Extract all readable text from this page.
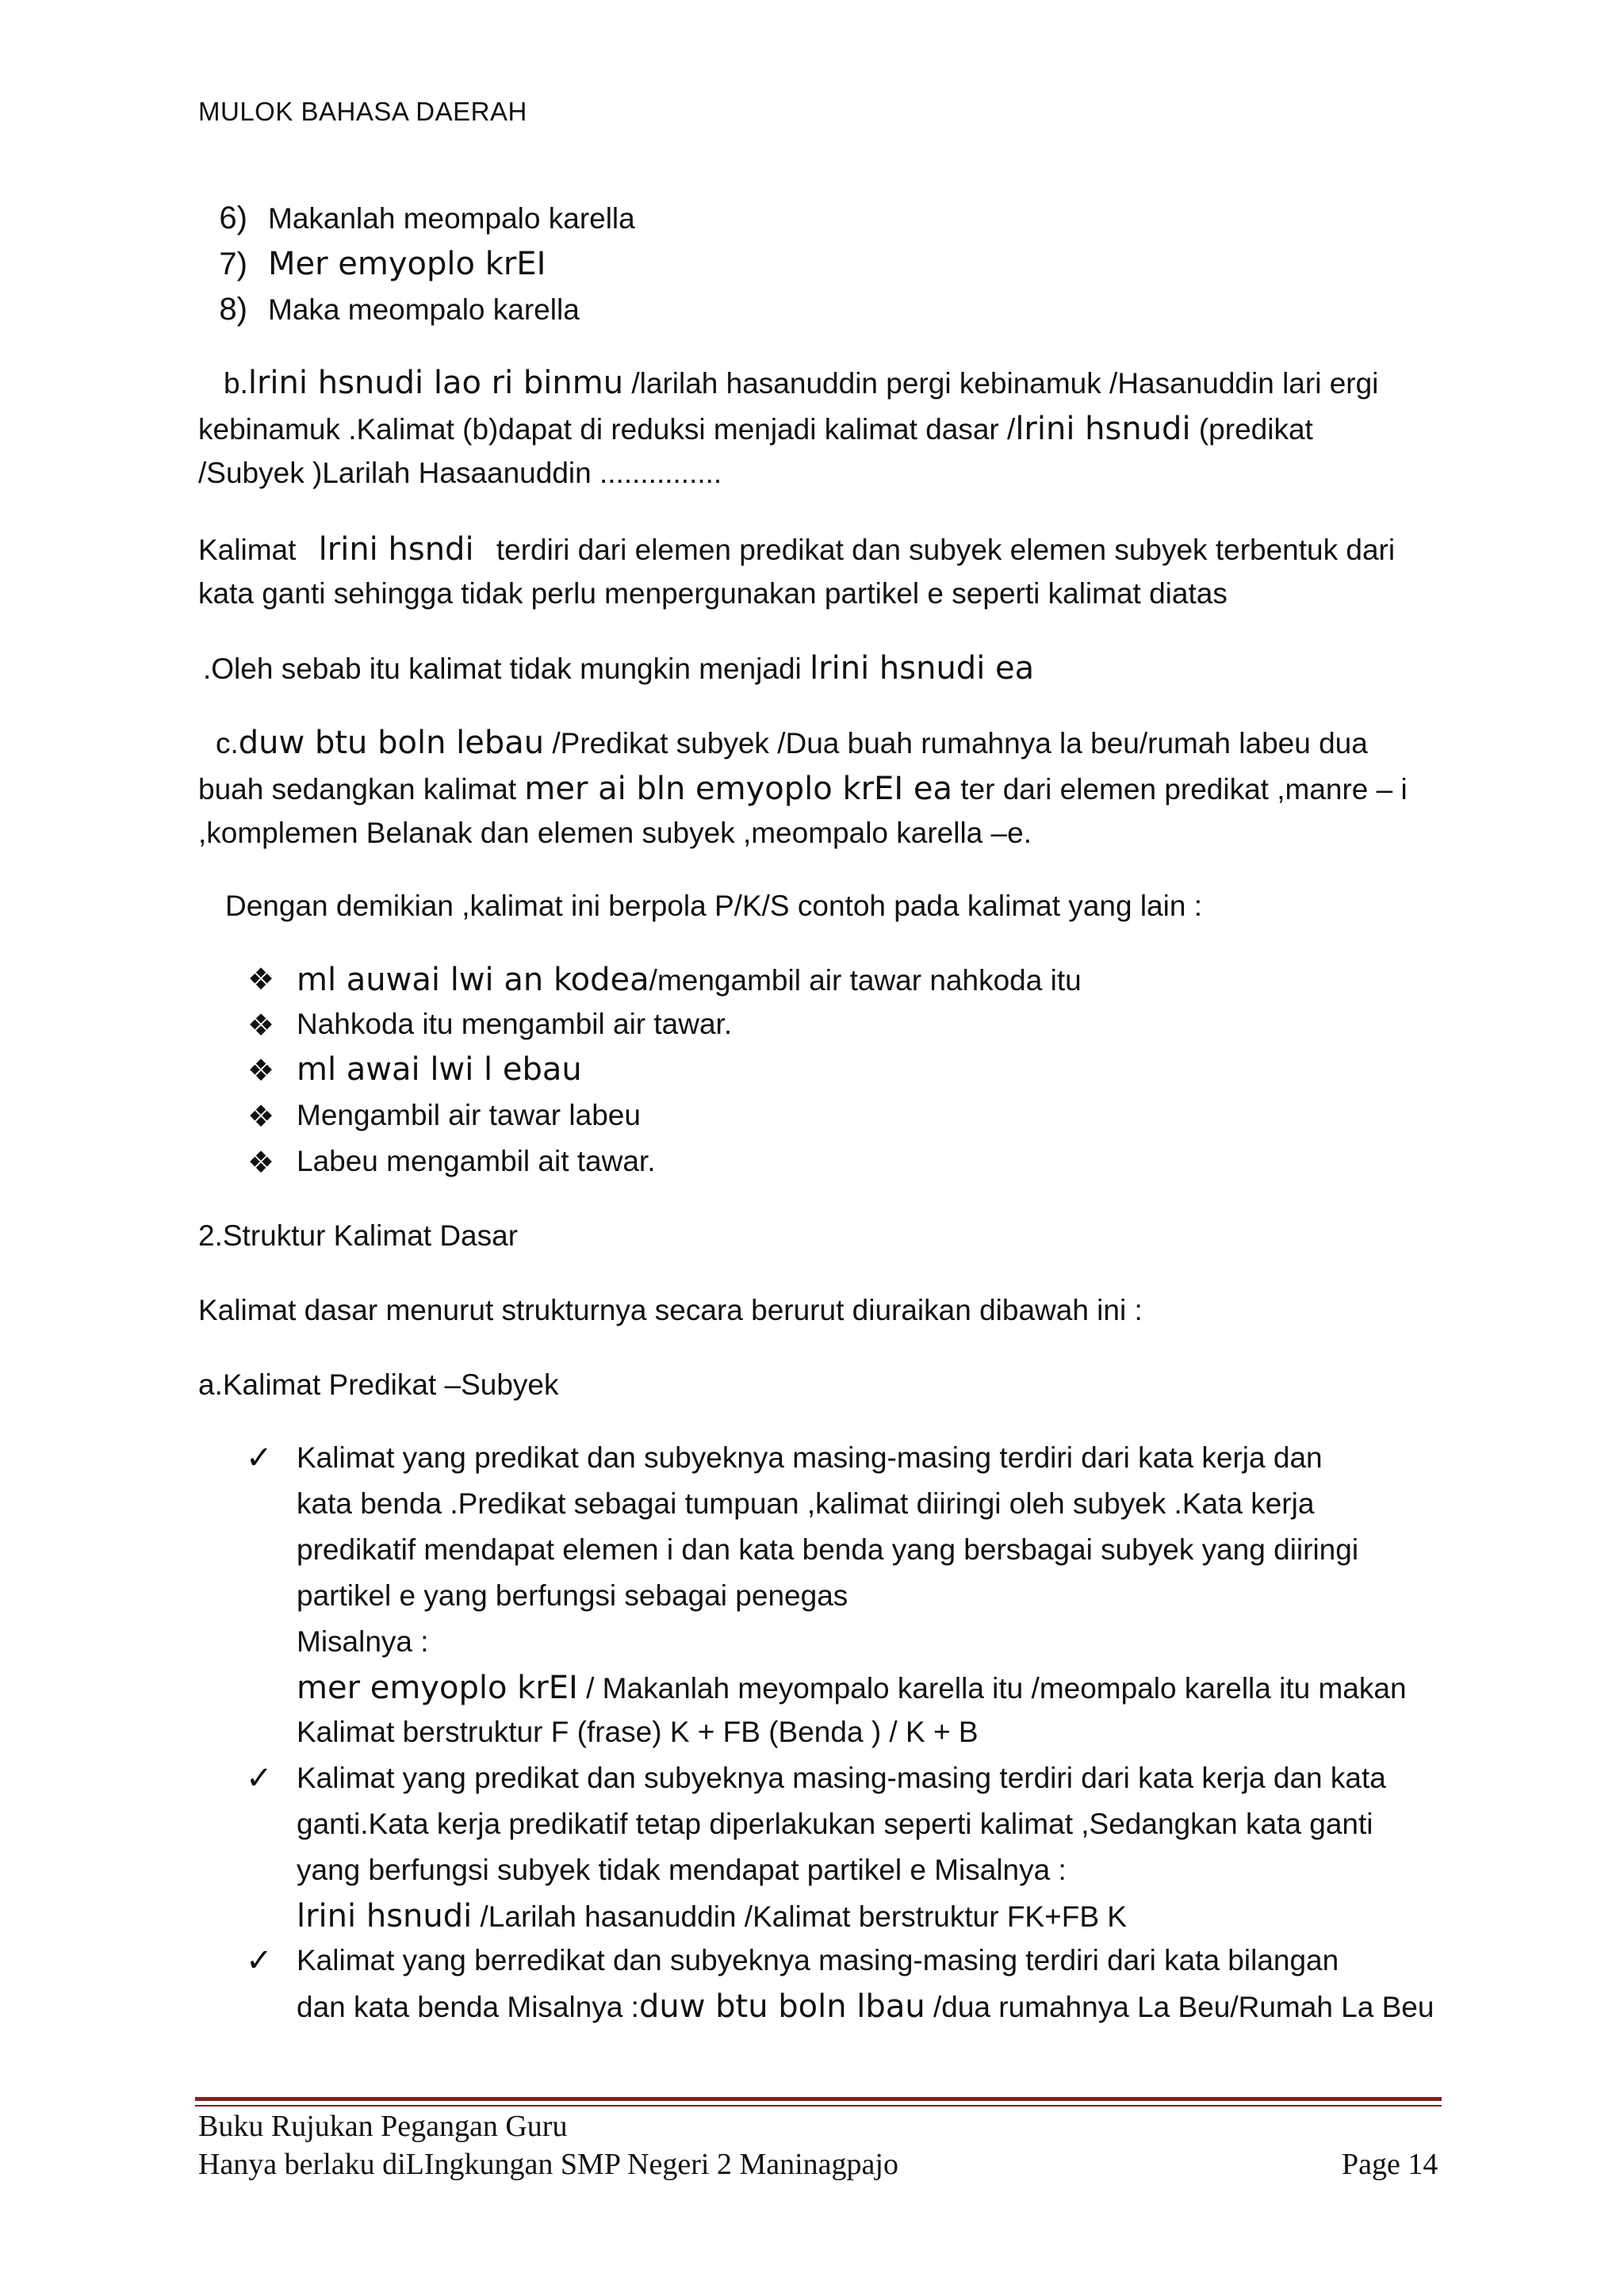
MULOK BAHASA DAERAH
6) Makanlah meompalo karella
7) Mer emyoplo krEI
8) Maka meompalo karella
b.lrini hsnudi lao ri binmu /larilah hasanuddin pergi kebinamuk /Hasanuddin lari ergi
kebinamuk .Kalimat (b)dapat di reduksi menjadi kalimat dasar /lrini hsnudi (predikat
/Subyek )Larilah Hasaanuddin ...............
Kalimat lrini hsndi terdiri dari elemen predikat dan subyek elemen subyek terbentuk dari
kata ganti sehingga tidak perlu menpergunakan partikel e seperti kalimat diatas
.Oleh sebab itu kalimat tidak mungkin menjadi lrini hsnudi ea
c.duw btu boln lebau /Predikat subyek /Dua buah rumahnya la beu/rumah labeu dua
buah sedangkan kalimat mer ai bln emyoplo krEI ea ter dari elemen predikat ,manre – i
,komplemen Belanak dan elemen subyek ,meompalo karella –e.
Dengan demikian ,kalimat ini berpola P/K/S contoh pada kalimat yang lain :
❖ ml auwai lwi an kodea/mengambil air tawar nahkoda itu
❖ Nahkoda itu mengambil air tawar.
❖ ml awai lwi l ebau
❖ Mengambil air tawar labeu
❖ Labeu mengambil ait tawar.
2.Struktur Kalimat Dasar
Kalimat dasar menurut strukturnya secara berurut diuraikan dibawah ini :
a.Kalimat Predikat –Subyek
✓ Kalimat yang predikat dan subyeknya masing-masing terdiri dari kata kerja dan
kata benda .Predikat sebagai tumpuan ,kalimat diiringi oleh subyek .Kata kerja
predikatif mendapat elemen i dan kata benda yang bersbagai subyek yang diiringi
partikel e yang berfungsi sebagai penegas
Misalnya :
mer emyoplo krEI / Makanlah meyompalo karella itu /meompalo karella itu makan
Kalimat berstruktur F (frase) K + FB (Benda ) / K + B
✓ Kalimat yang predikat dan subyeknya masing-masing terdiri dari kata kerja dan kata
ganti.Kata kerja predikatif tetap diperlakukan seperti kalimat ,Sedangkan kata ganti
yang berfungsi subyek tidak mendapat partikel e Misalnya :
lrini hsnudi /Larilah hasanuddin /Kalimat berstruktur FK+FB K
✓ Kalimat yang berredikat dan subyeknya masing-masing terdiri dari kata bilangan
dan kata benda Misalnya :duw btu boln lbau /dua rumahnya La Beu/Rumah La Beu
Buku Rujukan Pegangan Guru
Hanya berlaku diLIngkungan SMP Negeri 2 Maninagpajo	Page 14
